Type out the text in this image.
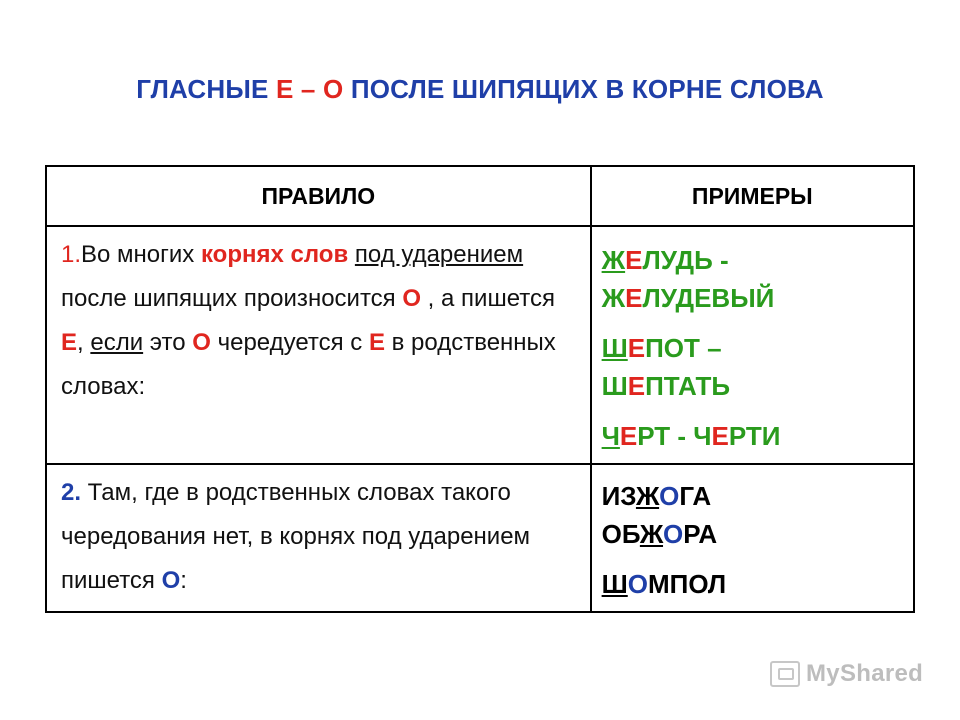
ГЛАСНЫЕ Е – О ПОСЛЕ ШИПЯЩИХ В КОРНЕ СЛОВА
ПРАВИЛО	ПРИМЕРЫ
1.Во многих корнях слов под ударением после шипящих произносится О , а пишется Е, если это О чередуется с Е в родственных словах:	ЖЕЛУДЬ -
ЖЕЛУДЕВЫЙ
ШЕПОТ –
ШЕПТАТЬ
ЧЕРТ - ЧЕРТИ

2. Там, где в родственных словах такого чередования нет, в корнях под ударением пишется О:	ИЗЖОГА
ОБЖОРА
ШОМПОЛ
MyShared
